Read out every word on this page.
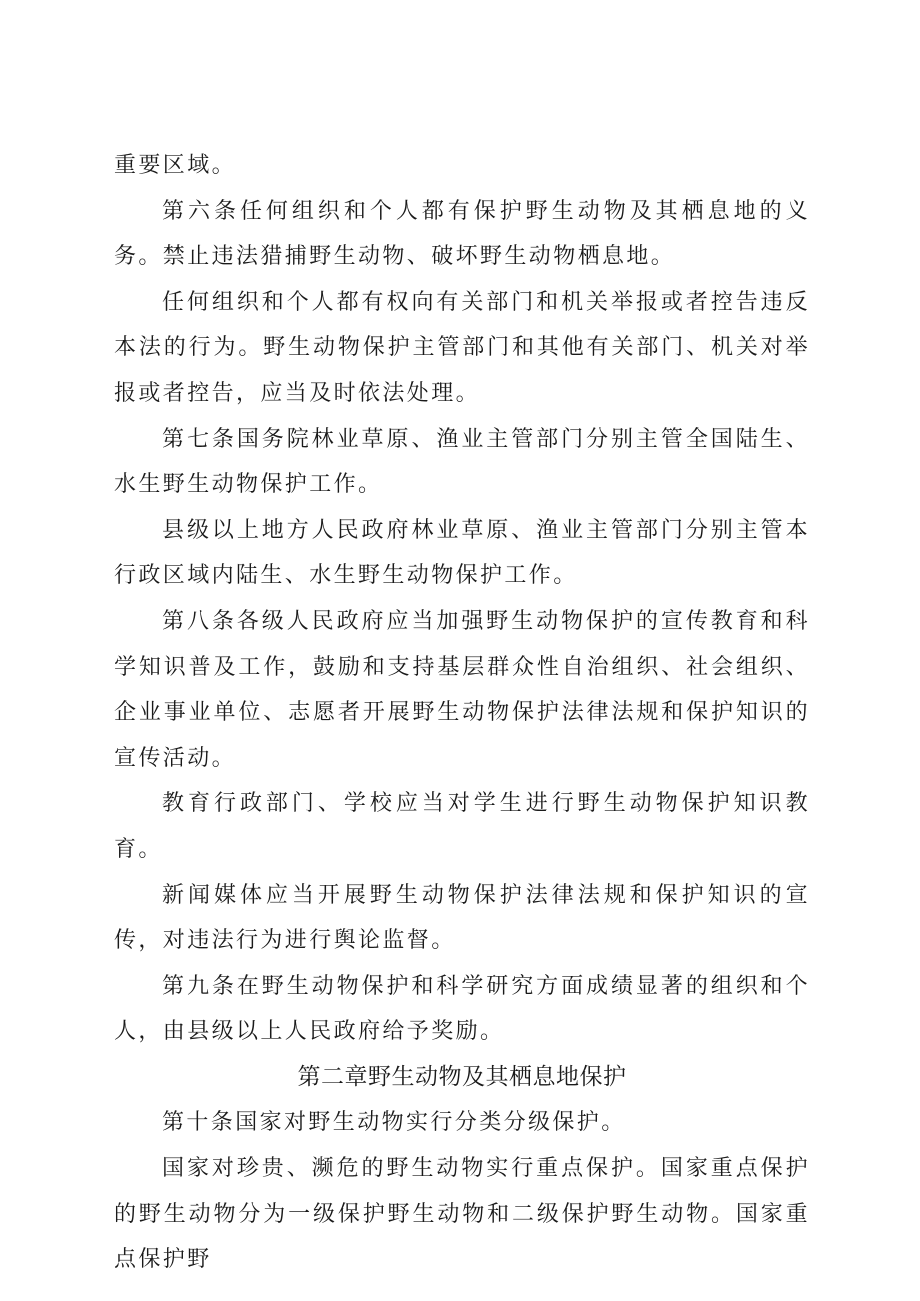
重要区域。

第六条任何组织和个人都有保护野生动物及其栖息地的义务。禁止违法猎捕野生动物、破坏野生动物栖息地。

任何组织和个人都有权向有关部门和机关举报或者控告违反本法的行为。野生动物保护主管部门和其他有关部门、机关对举报或者控告，应当及时依法处理。

第七条国务院林业草原、渔业主管部门分别主管全国陆生、水生野生动物保护工作。

县级以上地方人民政府林业草原、渔业主管部门分别主管本行政区域内陆生、水生野生动物保护工作。

第八条各级人民政府应当加强野生动物保护的宣传教育和科学知识普及工作，鼓励和支持基层群众性自治组织、社会组织、企业事业单位、志愿者开展野生动物保护法律法规和保护知识的宣传活动。

教育行政部门、学校应当对学生进行野生动物保护知识教育。

新闻媒体应当开展野生动物保护法律法规和保护知识的宣传，对违法行为进行舆论监督。

第九条在野生动物保护和科学研究方面成绩显著的组织和个人，由县级以上人民政府给予奖励。

第二章野生动物及其栖息地保护

第十条国家对野生动物实行分类分级保护。

国家对珍贵、濒危的野生动物实行重点保护。国家重点保护的野生动物分为一级保护野生动物和二级保护野生动物。国家重点保护野
